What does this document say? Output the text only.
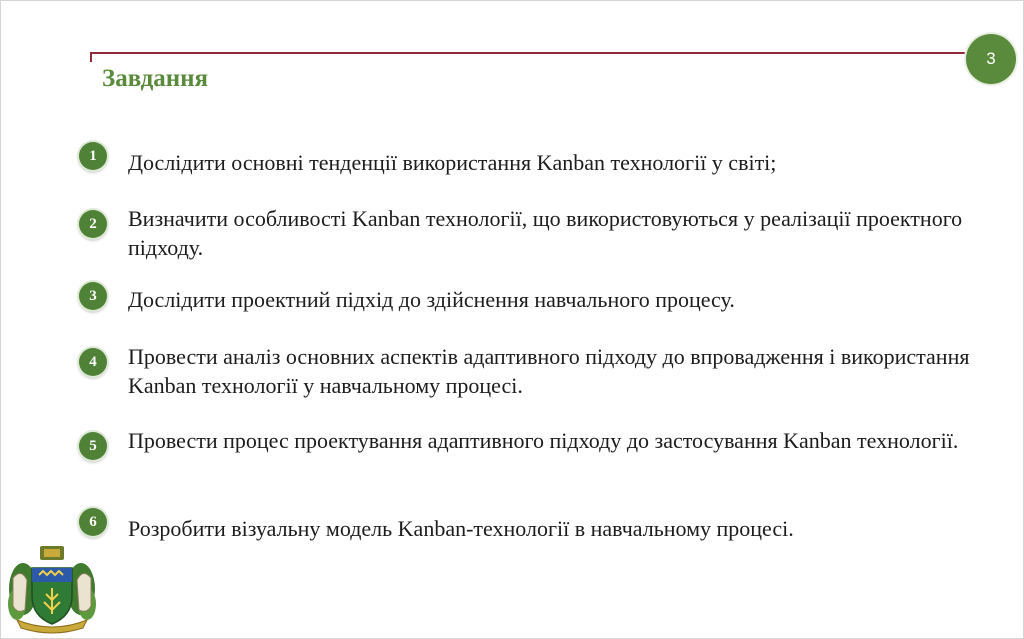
3
Завдання
1	Дослідити основні тенденції використання Kanban технології у світі;
2	Визначити особливості Kanban технології, що використовуються у реалізації проектного підходу.
3	Дослідити проектний підхід до здійснення навчального процесу.
4	Провести аналіз основних аспектів адаптивного підходу до впровадження і використання Kanban технології у навчальному процесі.
5	Провести процес проектування адаптивного підходу до застосування Kanban технології.
6	Розробити візуальну модель Kanban-технології в навчальному процесі.
